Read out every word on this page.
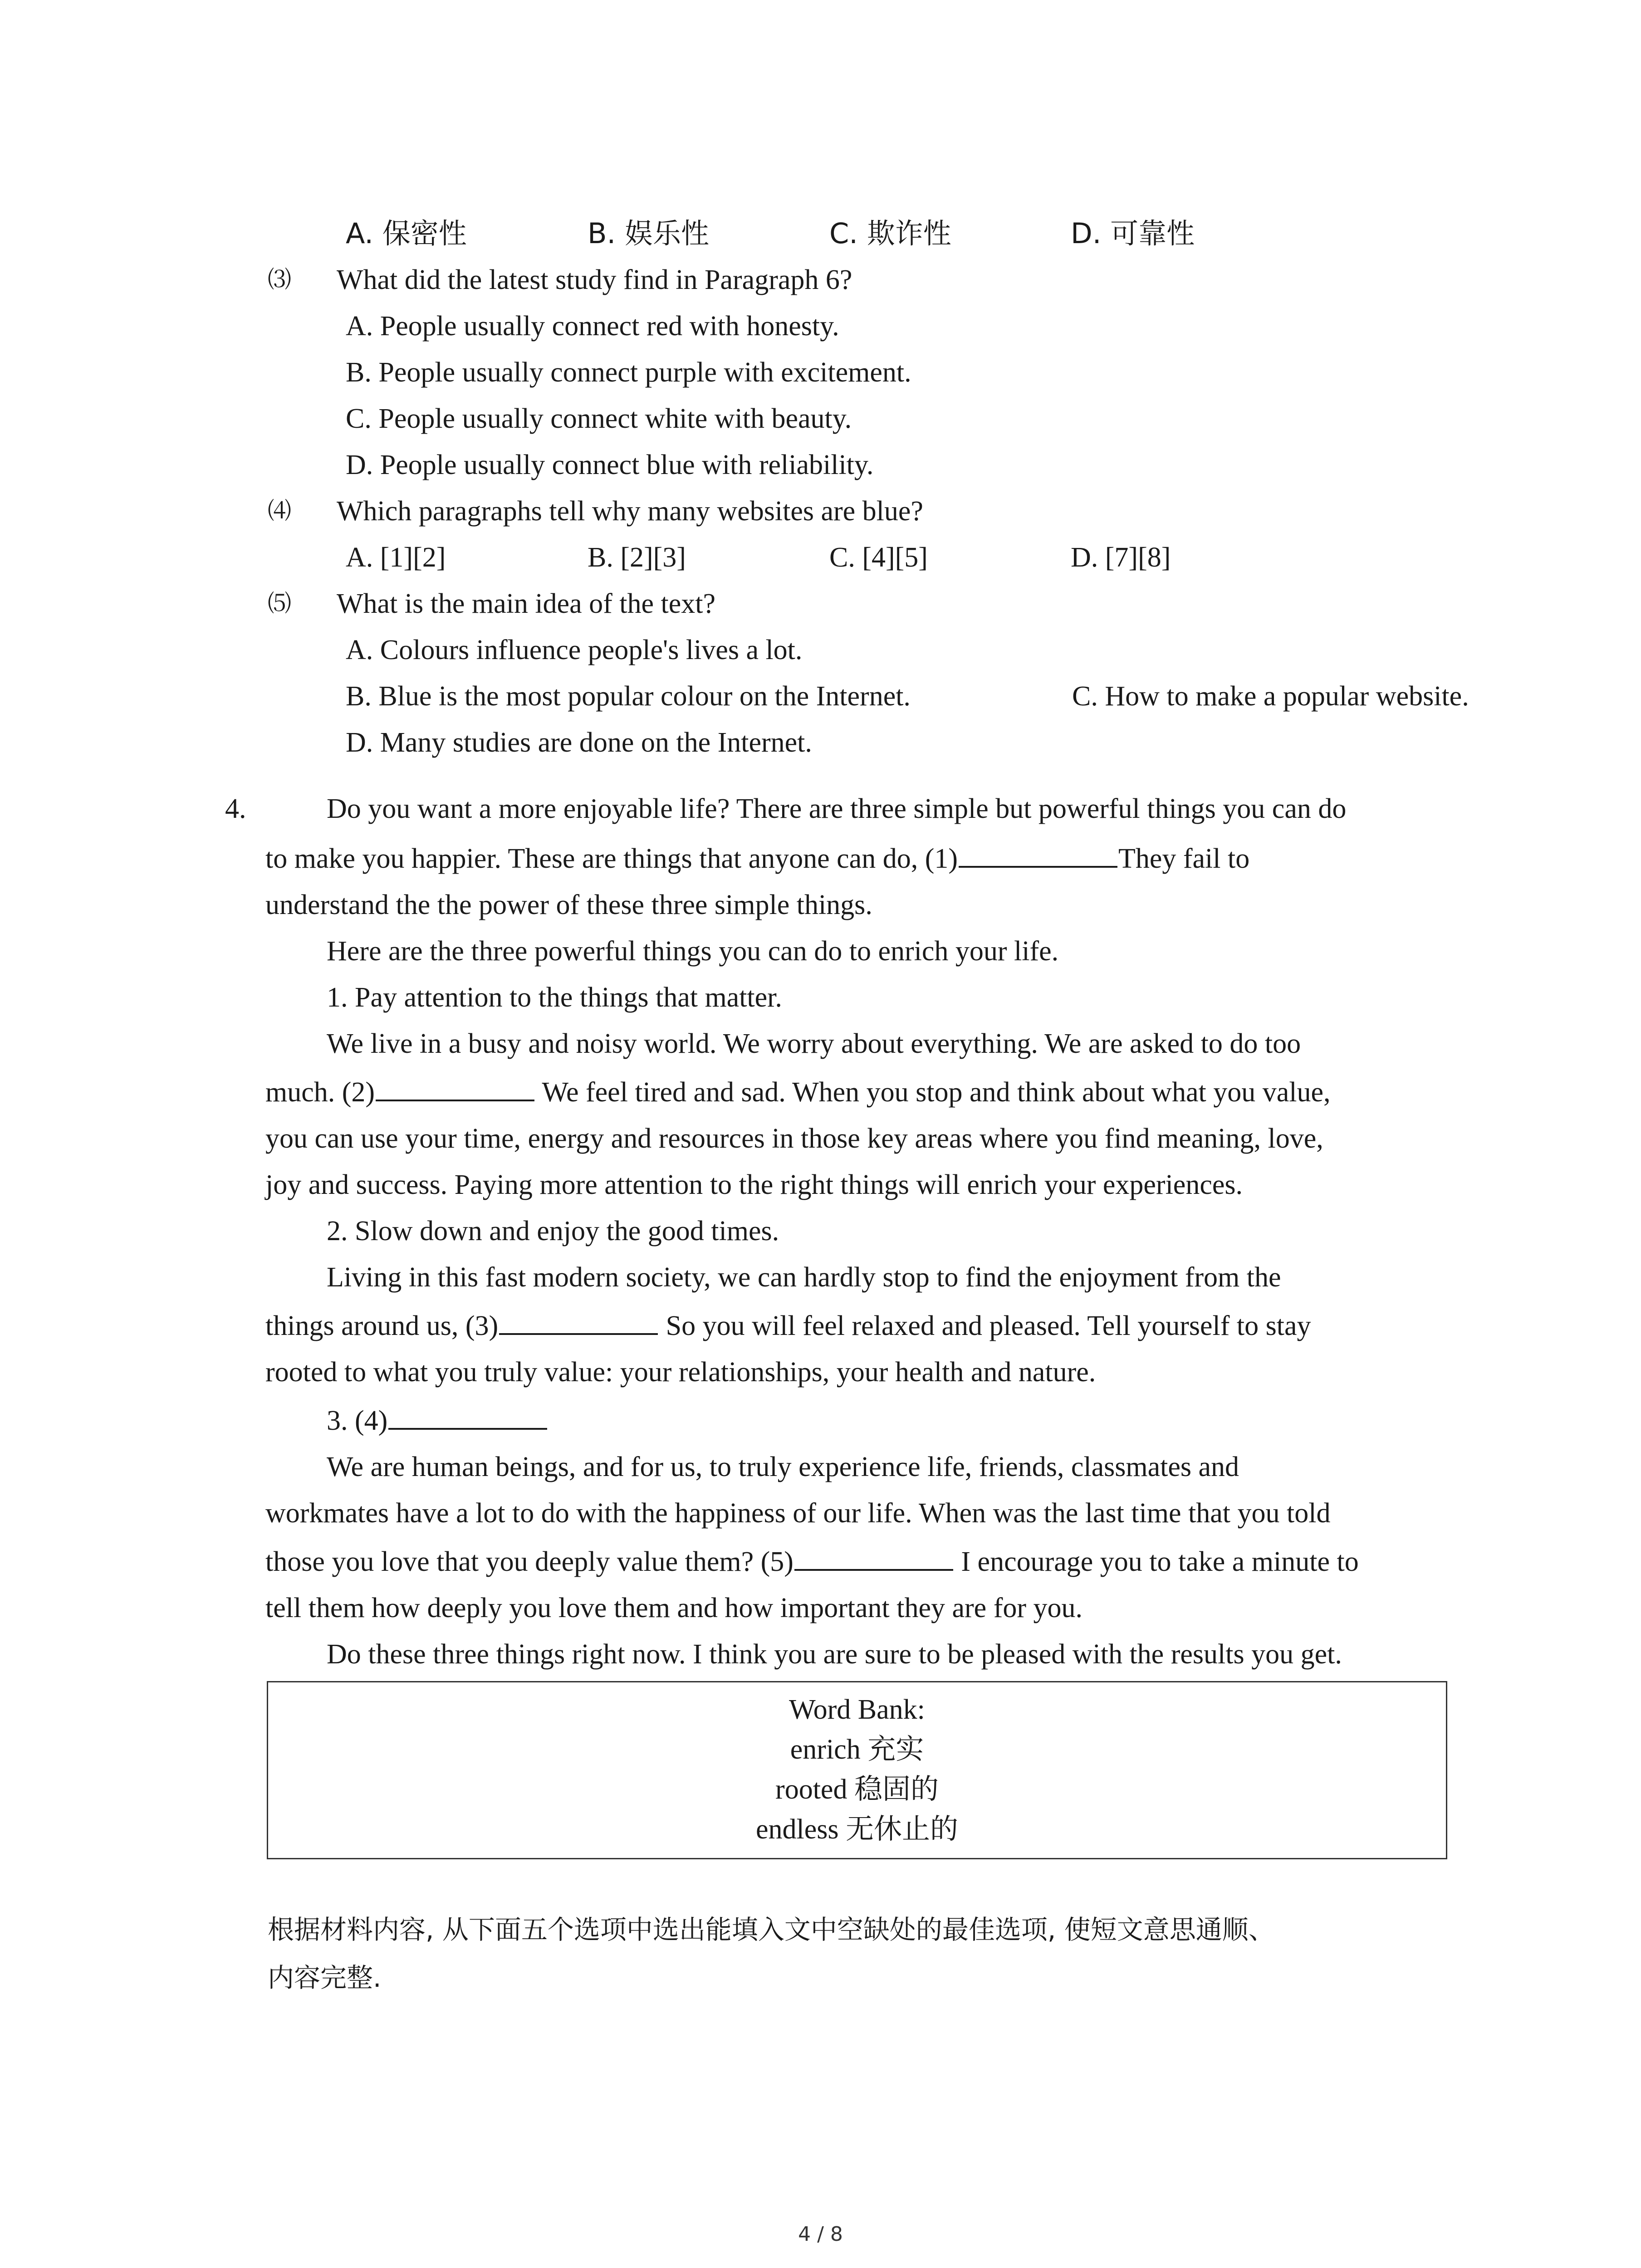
A. 保密性	B. 娱乐性	C. 欺诈性	D. 可靠性
⑶ What did the latest study find in Paragraph 6?
A. People usually connect red with honesty.
B. People usually connect purple with excitement.
C. People usually connect white with beauty.
D. People usually connect blue with reliability.
⑷ Which paragraphs tell why many websites are blue?
A. [1][2]	B. [2][3]	C. [4][5]	D. [7][8]
⑸ What is the main idea of the text?
A. Colours influence people's lives a lot.
B. Blue is the most popular colour on the Internet.	C. How to make a popular website.
D. Many studies are done on the Internet.
4.	Do you want a more enjoyable life? There are three simple but powerful things you can do
to make you happier. These are things that anyone can do, (1)	They fail to
understand the the power of these three simple things.
Here are the three powerful things you can do to enrich your life.
1. Pay attention to the things that matter.
We live in a busy and noisy world. We worry about everything. We are asked to do too
much. (2)	We feel tired and sad. When you stop and think about what you value,
you can use your time, energy and resources in those key areas where you find meaning, love,
joy and success. Paying more attention to the right things will enrich your experiences.
2. Slow down and enjoy the good times.
Living in this fast modern society, we can hardly stop to find the enjoyment from the
things around us, (3)	So you will feel relaxed and pleased. Tell yourself to stay
rooted to what you truly value: your relationships, your health and nature.
3. (4)
We are human beings, and for us, to truly experience life, friends, classmates and
workmates have a lot to do with the happiness of our life. When was the last time that you told
those you love that you deeply value them? (5)	I encourage you to take a minute to
tell them how deeply you love them and how important they are for you.
Do these three things right now. I think you are sure to be pleased with the results you get.
Word Bank:
enrich 充实
rooted 稳固的
endless 无休止的
根据材料内容, 从下面五个选项中选出能填入文中空缺处的最佳选项, 使短文意思通顺、
内容完整.
4 / 8
